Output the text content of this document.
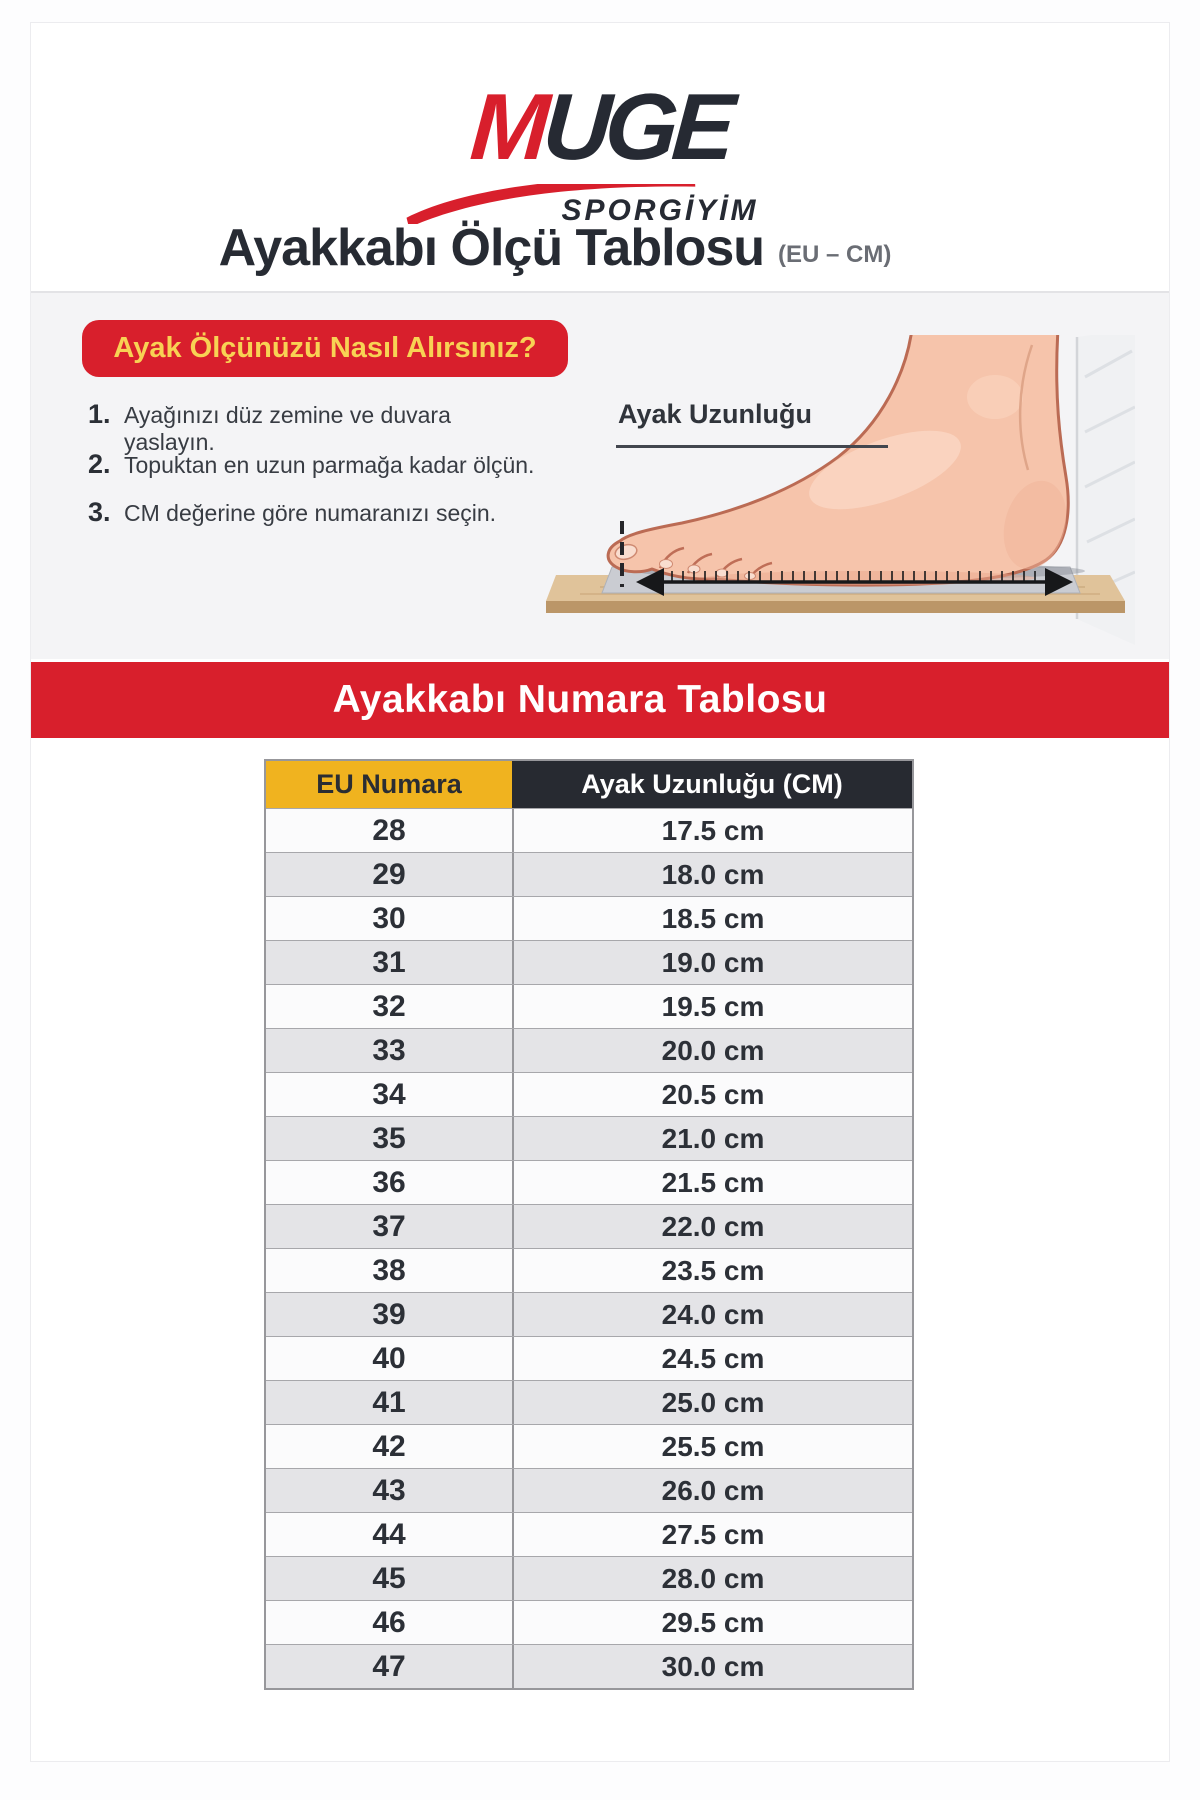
MUGE
SPORGİYİM
Ayakkabı Ölçü Tablosu (EU – CM)
Ayak Ölçünüzü Nasıl Alırsınız?
1. Ayağınızı düz zemine ve duvara yaslayın.
2. Topuktan en uzun parmağa kadar ölçün.
3. CM değerine göre numaranızı seçin.
Ayak Uzunluğu
Ayakkabı Numara Tablosu
EU Numara	Ayak Uzunluğu (CM)
28	17.5 cm
29	18.0 cm
30	18.5 cm
31	19.0 cm
32	19.5 cm
33	20.0 cm
34	20.5 cm
35	21.0 cm
36	21.5 cm
37	22.0 cm
38	23.5 cm
39	24.0 cm
40	24.5 cm
41	25.0 cm
42	25.5 cm
43	26.0 cm
44	27.5 cm
45	28.0 cm
46	29.5 cm
47	30.0 cm
